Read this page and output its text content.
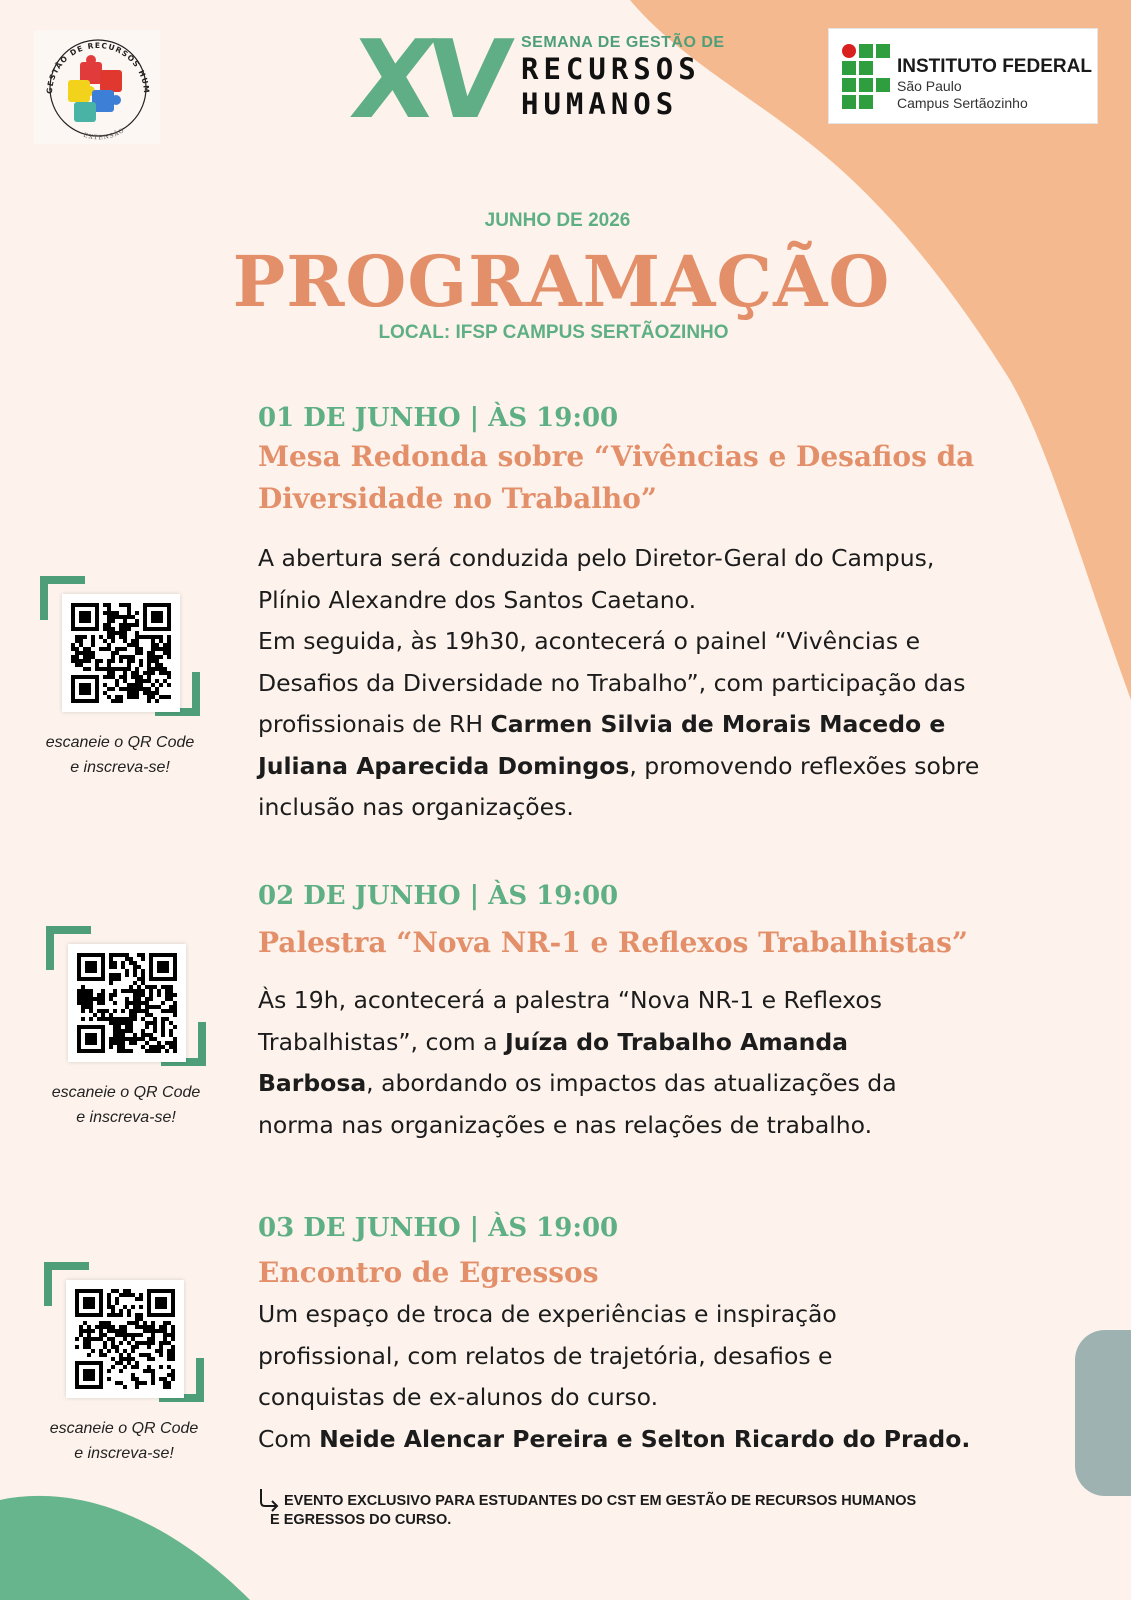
GESTÃO DE RECURSOS HUM
EXTENSÃO XV SEMANA DE GESTÃO DE
RECURSOS
HUMANOS
INSTITUTO FEDERAL
São Paulo
Campus Sertãozinho
JUNHO DE 2026
PROGRAMAÇÃO
LOCAL: IFSP CAMPUS SERTÃOZINHO
01 DE JUNHO | ÀS 19:00
Mesa Redonda sobre “Vivências e Desafios da
Diversidade no Trabalho”
A abertura será conduzida pelo Diretor-Geral do Campus,
Plínio Alexandre dos Santos Caetano.
Em seguida, às 19h30, acontecerá o painel “Vivências e
Desafios da Diversidade no Trabalho”, com participação das
profissionais de RH Carmen Silvia de Morais Macedo e
Juliana Aparecida Domingos, promovendo reflexões sobre
inclusão nas organizações.
02 DE JUNHO | ÀS 19:00
Palestra “Nova NR-1 e Reflexos Trabalhistas”
Às 19h, acontecerá a palestra “Nova NR-1 e Reflexos
Trabalhistas”, com a Juíza do Trabalho Amanda
Barbosa, abordando os impactos das atualizações da
norma nas organizações e nas relações de trabalho.
03 DE JUNHO | ÀS 19:00
Encontro de Egressos
Um espaço de troca de experiências e inspiração
profissional, com relatos de trajetória, desafios e
conquistas de ex-alunos do curso.
Com Neide Alencar Pereira e Selton Ricardo do Prado.
escaneie o QR Code
e inscreva-se!
escaneie o QR Code
e inscreva-se!
escaneie o QR Code
e inscreva-se!
EVENTO EXCLUSIVO PARA ESTUDANTES DO CST EM GESTÃO DE RECURSOS HUMANOS
E EGRESSOS DO CURSO.
